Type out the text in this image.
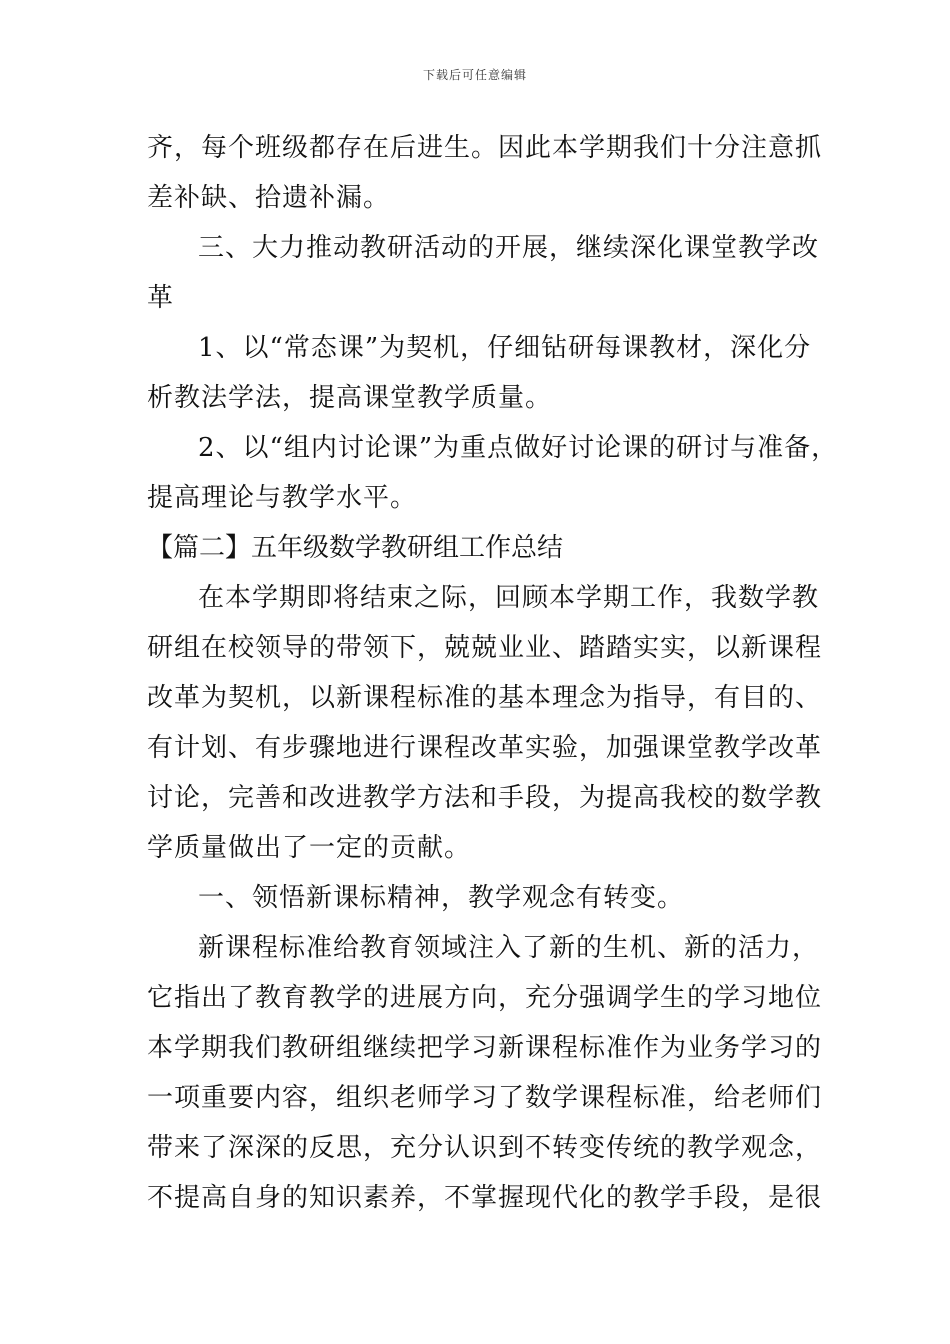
下载后可任意编辑
齐，每个班级都存在后进生。因此本学期我们十分注意抓
差补缺、拾遗补漏。
三、大力推动教研活动的开展，继续深化课堂教学改
革
1、以“常态课”为契机，仔细钻研每课教材，深化分
析教法学法，提高课堂教学质量。
2、以“组内讨论课”为重点做好讨论课的研讨与准备，
提高理论与教学水平。
【篇二】五年级数学教研组工作总结
在本学期即将结束之际，回顾本学期工作，我数学教
研组在校领导的带领下，兢兢业业、踏踏实实，以新课程
改革为契机，以新课程标准的基本理念为指导，有目的、
有计划、有步骤地进行课程改革实验，加强课堂教学改革
讨论，完善和改进教学方法和手段，为提高我校的数学教
学质量做出了一定的贡献。
一、领悟新课标精神，教学观念有转变。
新课程标准给教育领域注入了新的生机、新的活力，
它指出了教育教学的进展方向，充分强调学生的学习地位
本学期我们教研组继续把学习新课程标准作为业务学习的
一项重要内容，组织老师学习了数学课程标准，给老师们
带来了深深的反思，充分认识到不转变传统的教学观念，
不提高自身的知识素养，不掌握现代化的教学手段，是很
